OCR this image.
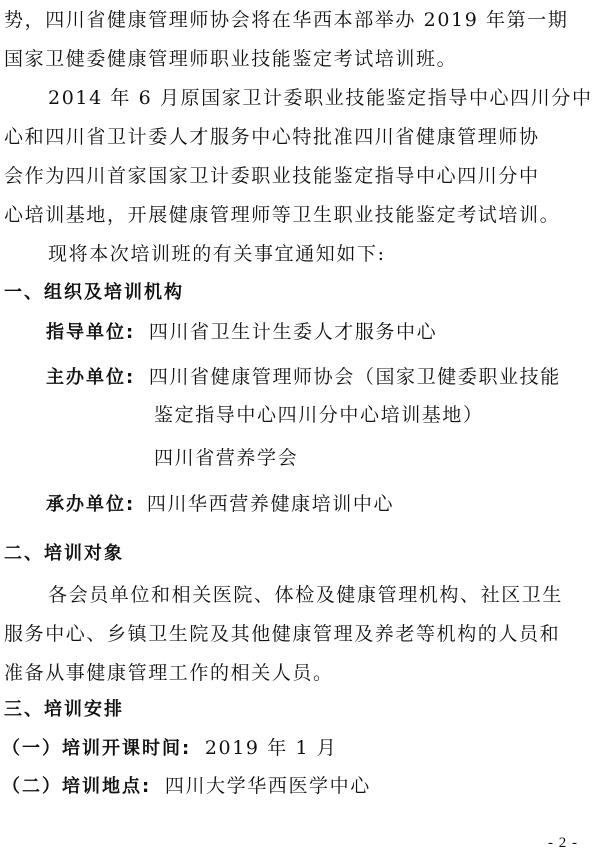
势，四川省健康管理师协会将在华西本部举办 2019 年第一期
国家卫健委健康管理师职业技能鉴定考试培训班。
2014 年 6 月原国家卫计委职业技能鉴定指导中心四川分中
心和四川省卫计委人才服务中心特批准四川省健康管理师协
会作为四川首家国家卫计委职业技能鉴定指导中心四川分中
心培训基地，开展健康管理师等卫生职业技能鉴定考试培训。
现将本次培训班的有关事宜通知如下:
一、组织及培训机构
指导单位: 四川省卫生计生委人才服务中心
主办单位: 四川省健康管理师协会（国家卫健委职业技能
鉴定指导中心四川分中心培训基地）
四川省营养学会
承办单位: 四川华西营养健康培训中心
二、培训对象
各会员单位和相关医院、体检及健康管理机构、社区卫生
服务中心、乡镇卫生院及其他健康管理及养老等机构的人员和
准备从事健康管理工作的相关人员。
三、培训安排
（一）培训开课时间: 2019 年 1 月
（二）培训地点: 四川大学华西医学中心
- 2 -
